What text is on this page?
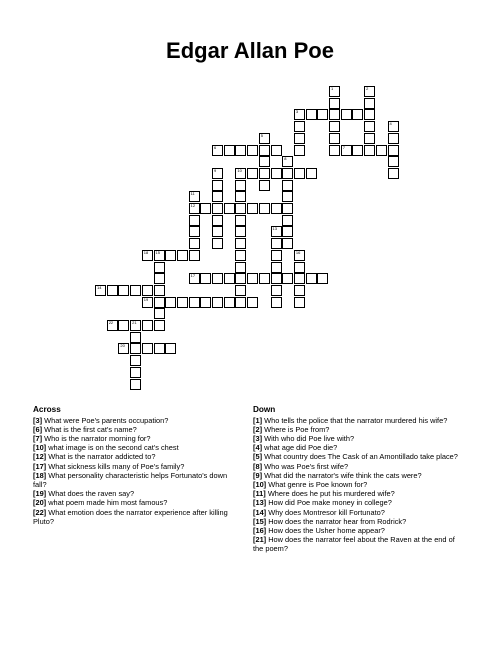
Edgar Allan Poe
1	2
3
4
5
6	7
8
9	10
11
12
13
14
15	16
17
18
19
20
21
22
Across

[3] What were Poe's parents occupation?

[6] What is the first cat's name?

[7] Who is the narrator morning for?

[10] what image is on the second cat's chest

[12] What is the narrator addicted to?

[17] What sickness kills many of Poe's family?

[18] What personality characteristic helps Fortunato's down fall?

[19] What does the raven say?

[20] what poem made him most famous?

[22] What emotion does the narrator experience after killing Pluto?

Down

[1] Who tells the police that the narrator murdered his wife?

[2] Where is Poe from?

[3] With who did Poe live with?

[4] what age did Poe die?

[5] What country does The Cask of an Amontillado take place?

[8] Who was Poe's first wife?

[9] What did the narrator's wife think the cats were?

[10] What genre is Poe known for?

[11] Where does he put his murdered wife?

[13] How did Poe make money in college?

[14] Why does Montresor kill Fortunato?

[15] How does the narrator hear from Rodrick?

[16] How does the Usher home appear?

[21] How does the narrator feel about the Raven at the end of the poem?
